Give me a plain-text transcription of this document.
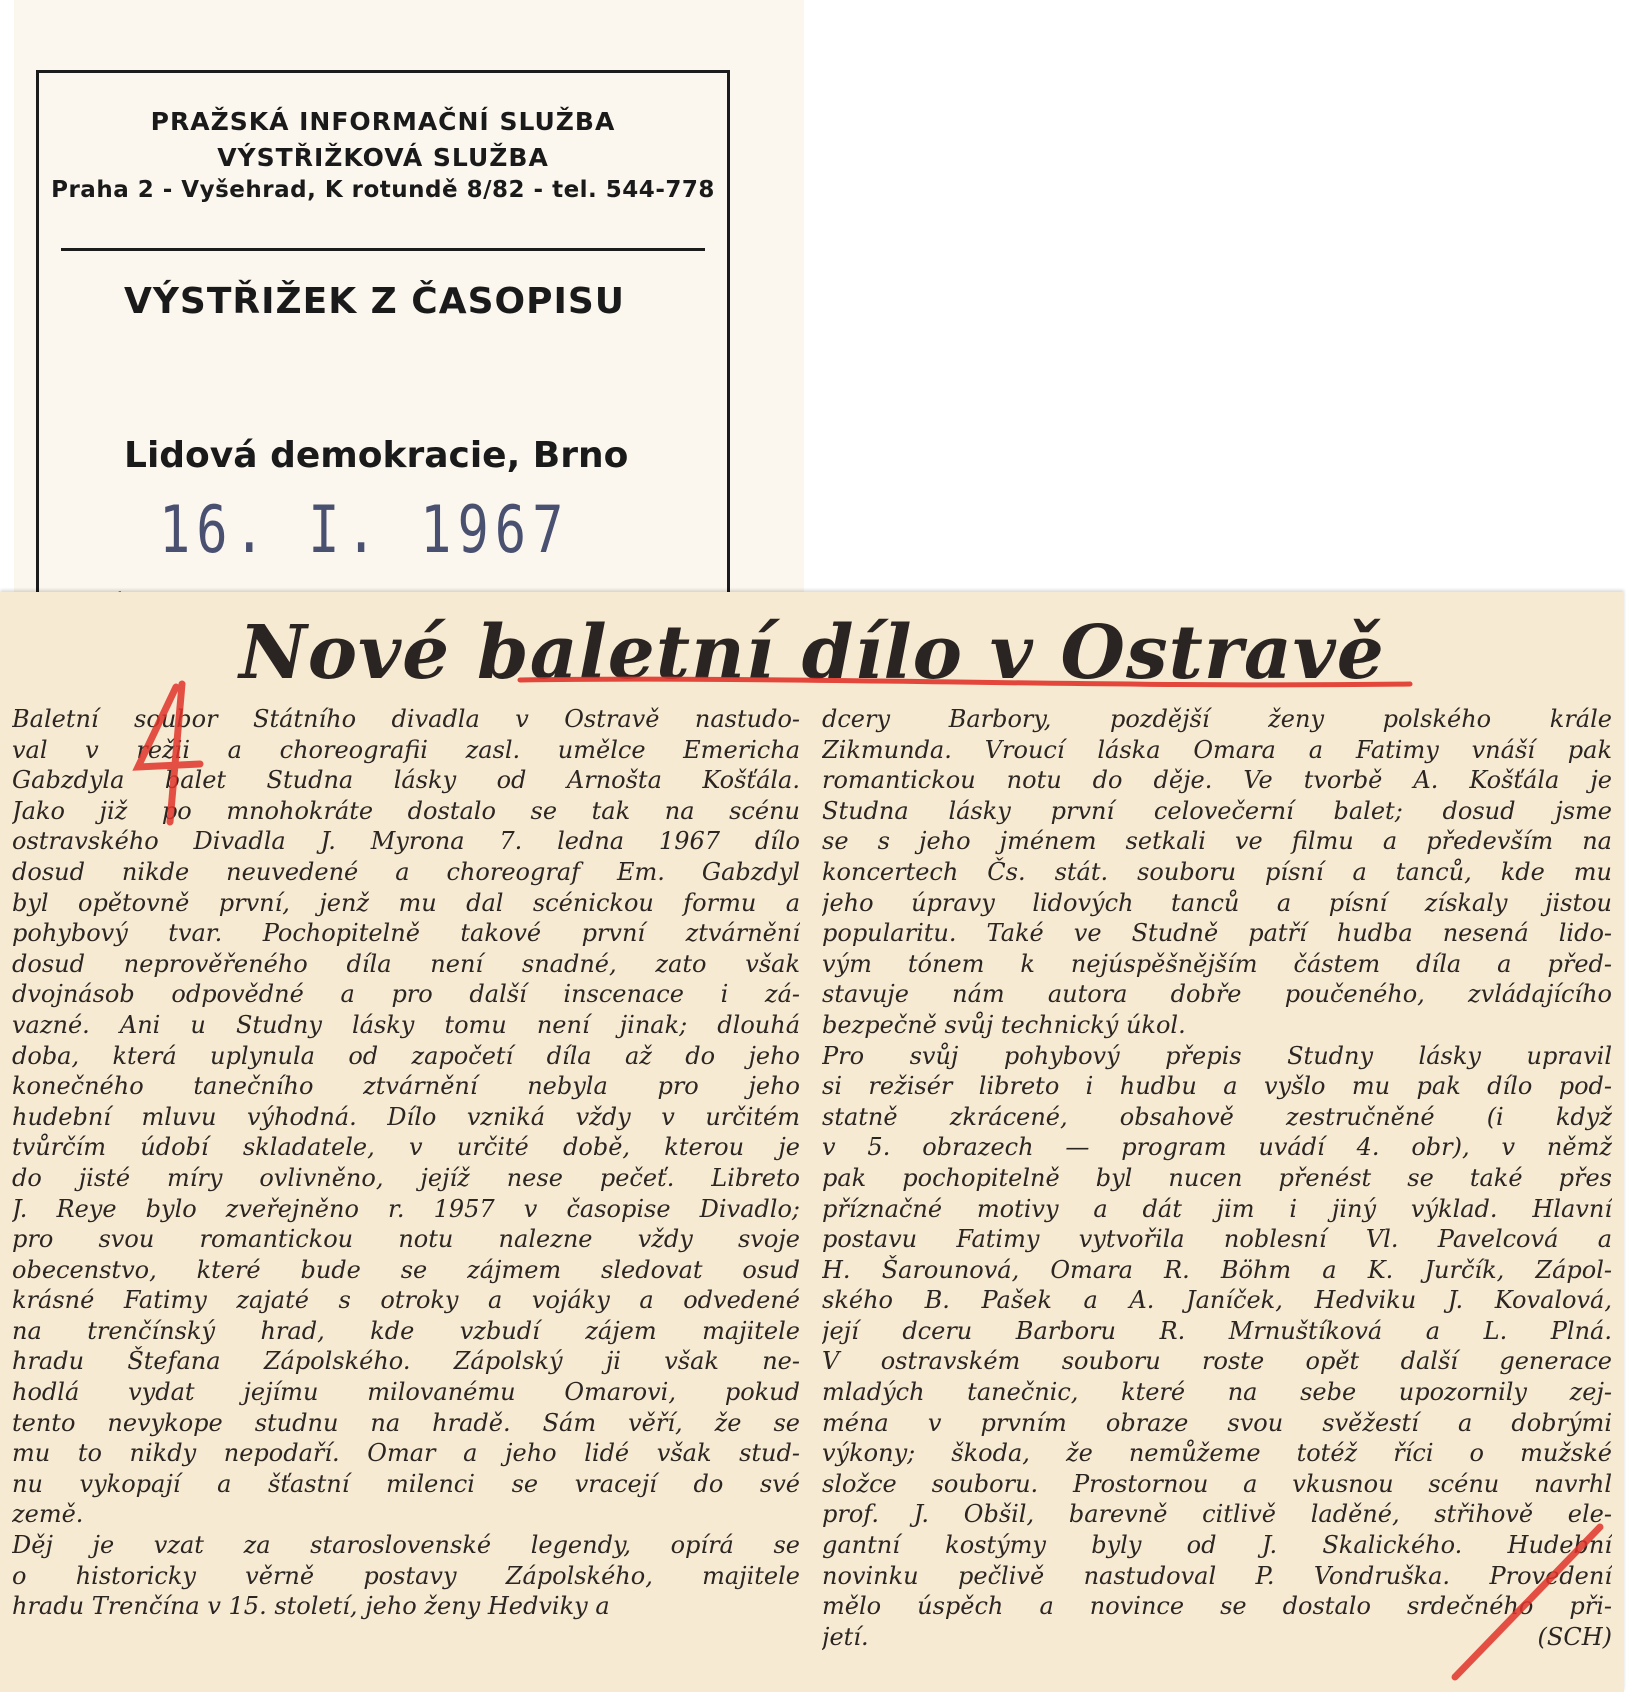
PRAŽSKÁ INFORMAČNÍ SLUŽBA
VÝSTŘIŽKOVÁ SLUŽBA
Praha 2 - Vyšehrad, K rotundě 8/82 - tel. 544-778
VÝSTŘIŽEK Z ČASOPISU
Lidová demokracie, Brno
16. I. 1967
Nové baletní dílo v Ostravě
Baletní soubor Státního divadla v Ostravě nastudo-
val v režii a choreografii zasl. umělce Emericha
Gabzdyla balet Studna lásky od Arnošta Košťála.
Jako již po mnohokráte dostalo se tak na scénu
ostravského Divadla J. Myrona 7. ledna 1967 dílo
dosud nikde neuvedené a choreograf Em. Gabzdyl
byl opětovně první, jenž mu dal scénickou formu a
pohybový tvar. Pochopitelně takové první ztvárnění
dosud neprověřeného díla není snadné, zato však
dvojnásob odpovědné a pro další inscenace i zá-
vazné. Ani u Studny lásky tomu není jinak; dlouhá
doba, která uplynula od započetí díla až do jeho
konečného tanečního ztvárnění nebyla pro jeho
hudební mluvu výhodná. Dílo vzniká vždy v určitém
tvůrčím údobí skladatele, v určité době, kterou je
do jisté míry ovlivněno, jejíž nese pečeť. Libreto
J. Reye bylo zveřejněno r. 1957 v časopise Divadlo;
pro svou romantickou notu nalezne vždy svoje
obecenstvo, které bude se zájmem sledovat osud
krásné Fatimy zajaté s otroky a vojáky a odvedené
na trenčínský hrad, kde vzbudí zájem majitele
hradu Štefana Zápolského. Zápolský ji však ne-
hodlá vydat jejímu milovanému Omarovi, pokud
tento nevykope studnu na hradě. Sám věří, že se
mu to nikdy nepodaří. Omar a jeho lidé však stud-
nu vykopají a šťastní milenci se vracejí do své
země.
Děj je vzat za staroslovenské legendy, opírá se
o historicky věrně postavy Zápolského, majitele
hradu Trenčína v 15. století, jeho ženy Hedviky a
dcery Barbory, pozdější ženy polského krále
Zikmunda. Vroucí láska Omara a Fatimy vnáší pak
romantickou notu do děje. Ve tvorbě A. Košťála je
Studna lásky první celovečerní balet; dosud jsme
se s jeho jménem setkali ve filmu a především na
koncertech Čs. stát. souboru písní a tanců, kde mu
jeho úpravy lidových tanců a písní získaly jistou
popularitu. Také ve Studně patří hudba nesená lido-
vým tónem k nejúspěšnějším částem díla a před-
stavuje nám autora dobře poučeného, zvládajícího
bezpečně svůj technický úkol.
Pro svůj pohybový přepis Studny lásky upravil
si režisér libreto i hudbu a vyšlo mu pak dílo pod-
statně zkrácené, obsahově zestručněné (i když
v 5. obrazech — program uvádí 4. obr), v němž
pak pochopitelně byl nucen přenést se také přes
příznačné motivy a dát jim i jiný výklad. Hlavní
postavu Fatimy vytvořila noblesní Vl. Pavelcová a
H. Šarounová, Omara R. Böhm a K. Jurčík, Zápol-
ského B. Pašek a A. Janíček, Hedviku J. Kovalová,
její dceru Barboru R. Mrnuštíková a L. Plná.
V ostravském souboru roste opět další generace
mladých tanečnic, které na sebe upozornily zej-
ména v prvním obraze svou svěžestí a dobrými
výkony; škoda, že nemůžeme totéž říci o mužské
složce souboru. Prostornou a vkusnou scénu navrhl
prof. J. Obšil, barevně citlivě laděné, střihově ele-
gantní kostýmy byly od J. Skalického. Hudební
novinku pečlivě nastudoval P. Vondruška. Provedení
mělo úspěch a novince se dostalo srdečného při-
jetí.	(SCH)
